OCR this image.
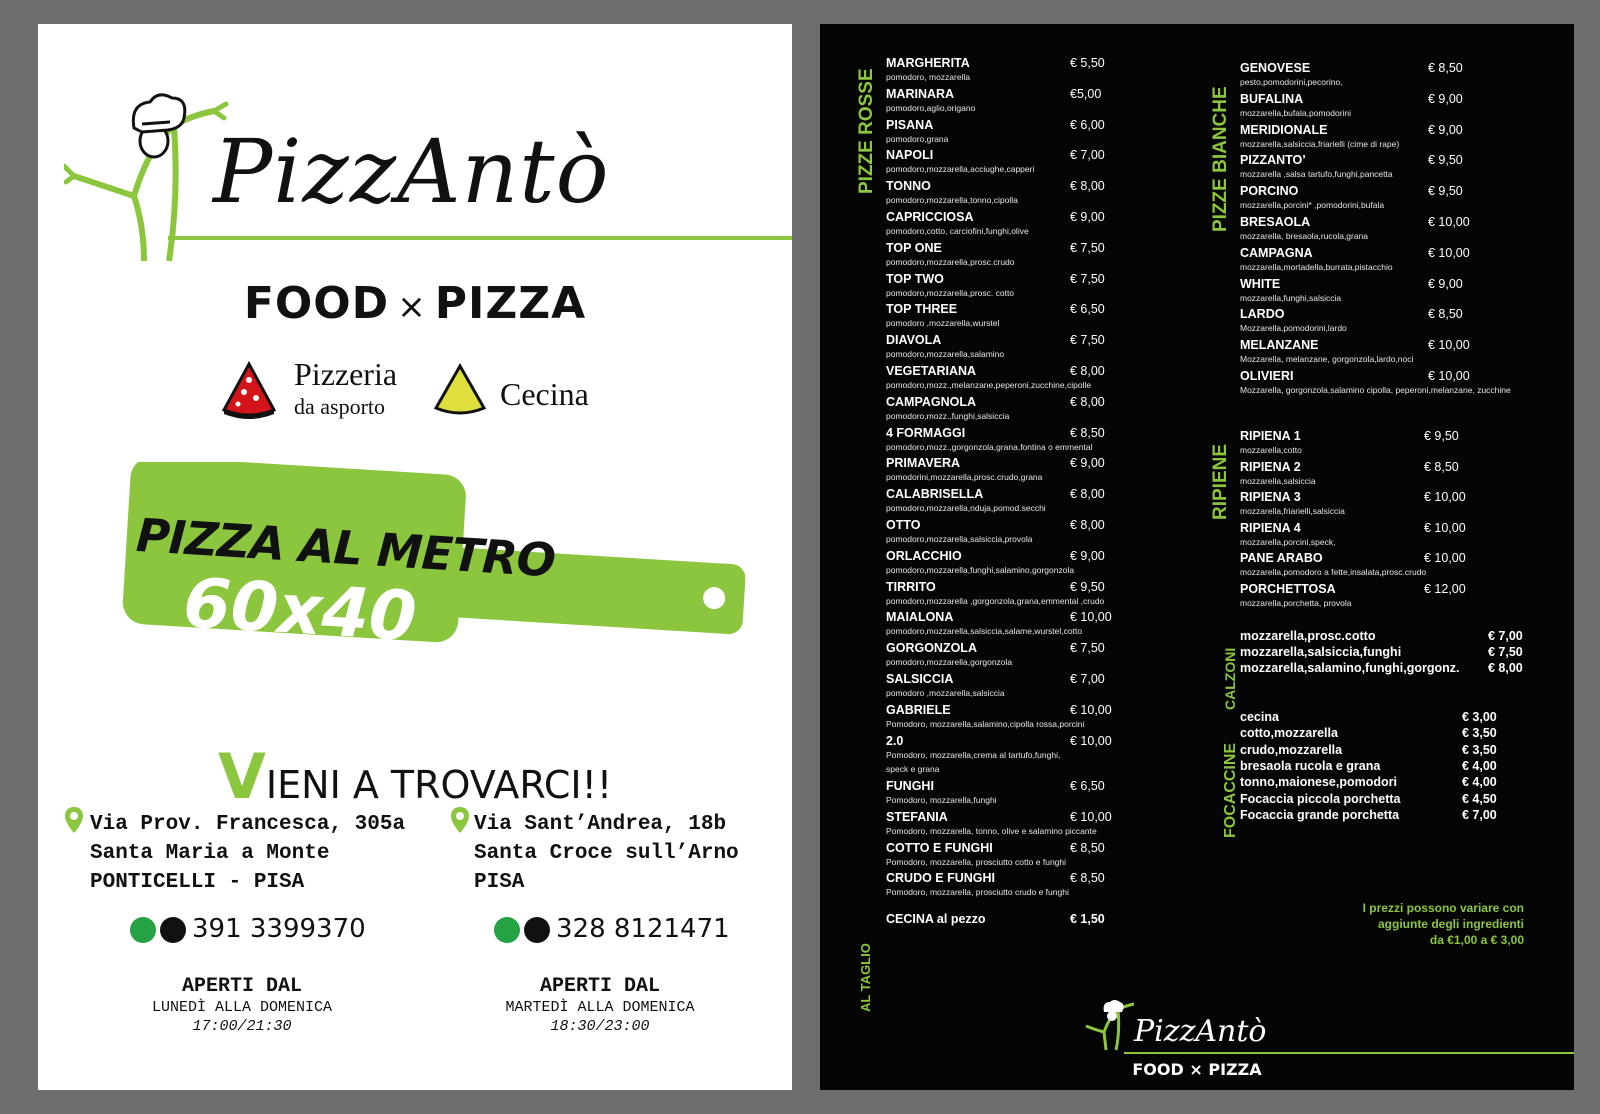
PizzAntò
FOOD × PIZZA
Pizzeria
da asporto	Cecina
PIZZA AL METRO
60x40
VIENI A TROVARCI!!
Via Prov. Francesca, 305a
Santa Maria a Monte
PONTICELLI - PISA
391 3399370
APERTI DAL
LUNEDÌ ALLA DOMENICA
17:00/21:30
Via Sant’Andrea, 18b
Santa Croce sull’Arno
PISA
328 8121471
APERTI DAL
MARTEDÌ ALLA DOMENICA
18:30/23:00
PIZZE ROSSE	PIZZE BIANCHE
RIPIENE
CALZONI
FOCACCINE
AL TAGLIO
CECINA al pezzo	€ 1,50
I prezzi possono variare con
aggiunte degli ingredienti
da €1,00 a € 3,00
PizzAntò
FOOD × PIZZA
MARGHERITA	€ 5,50
pomodoro, mozzarella
MARINARA	€5,00
pomodoro,aglio,origano
PISANA	€ 6,00
pomodoro,grana
NAPOLI	€ 7,00
pomodoro,mozzarella,acciughe,capperi
TONNO	€ 8,00
pomodoro,mozzarella,tonno,cipolla
CAPRICCIOSA	€ 9,00
pomodoro,cotto, carciofini,funghi,olive
TOP ONE	€ 7,50
pomodoro,mozzarella,prosc.crudo
TOP TWO	€ 7,50
pomodoro,mozzarella,prosc. cotto
TOP THREE	€ 6,50
pomodoro ,mozzarella,wurstel
DIAVOLA	€ 7,50
pomodoro,mozzarella,salamino
VEGETARIANA	€ 8,00
pomodoro,mozz.,melanzane,peperoni,zucchine,cipolle
CAMPAGNOLA	€ 8,00
pomodoro,mozz.,funghi,salsiccia
4 FORMAGGI	€ 8,50
pomodoro,mozz.,gorgonzola,grana,fontina o emmental
PRIMAVERA	€ 9,00
pomodorini,mozzarella,prosc.crudo,grana
CALABRISELLA	€ 8,00
pomodoro,mozzarella,nduja,pomod.secchi
OTTO	€ 8,00
pomodoro,mozzarella,salsiccia,provola
ORLACCHIO	€ 9,00
pomodoro,mozzarella,funghi,salamino,gorgonzola
TIRRITO	€ 9,50
pomodoro,mozzarella ,gorgonzola,grana,emmental ,crudo
MAIALONA	€ 10,00
pomodoro,mozzarella,salsiccia,salame,wurstel,cotto
GORGONZOLA	€ 7,50
pomodoro,mozzarella,gorgonzola
SALSICCIA	€ 7,00
pomodoro ,mozzarella,salsiccia
GABRIELE	€ 10,00
Pomodoro, mozzarella,salamino,cipolla rossa,porcini
2.0	€ 10,00
Pomodoro, mozzarella,crema al tartufo,funghi,
speck e grana
FUNGHI	€ 6,50
Pomodoro, mozzarella,funghi
STEFANIA	€ 10,00
Pomodoro, mozzarella, tonno, olive e salamino piccante
COTTO E FUNGHI	€ 8,50
Pomodoro, mozzarella, prosciutto cotto e funghi
CRUDO E FUNGHI	€ 8,50
Pomodoro, mozzarella, prosciutto crudo e funghi
GENOVESE	€ 8,50
pesto,pomodorini,pecorino,
BUFALINA	€ 9,00
mozzarella,bufala,pomodorini
MERIDIONALE	€ 9,00
mozzarella,salsiccia,friarielli (cime di rape)
PIZZANTO’	€ 9,50
mozzarella ,salsa tartufo,funghi,pancetta
PORCINO	€ 9,50
mozzarella,porcini* ,pomodorini,bufala
BRESAOLA	€ 10,00
mozzarella, bresaola,rucola,grana
CAMPAGNA	€ 10,00
mozzarella,mortadella,burrata,pistacchio
WHITE	€ 9,00
mozzarella,funghi,salsiccia
LARDO	€ 8,50
Mozzarella,pomodorini,lardo
MELANZANE	€ 10,00
Mozzarella, melanzane, gorgonzola,lardo,noci
OLIVIERI	€ 10,00
Mozzarella, gorgonzola,salamino cipolla, peperoni,melanzane, zucchine
RIPIENA 1	€ 9,50
mozzarella,cotto
RIPIENA 2	€ 8,50
mozzarella,salsiccia
RIPIENA 3	€ 10,00
mozzarella,friarielli,salsiccia
RIPIENA 4	€ 10,00
mozzarella,porcini,speck,
PANE ARABO	€ 10,00
mozzarella,pomodoro a fette,insalata,prosc.crudo
PORCHETTOSA	€ 12,00
mozzarella,porchetta, provola
mozzarella,prosc.cotto	€ 7,00
mozzarella,salsiccia,funghi	€ 7,50
mozzarella,salamino,funghi,gorgonz. € 8,00
cecina	€ 3,00
cotto,mozzarella	€ 3,50
crudo,mozzarella	€ 3,50
bresaola rucola e grana	€ 4,00
tonno,maionese,pomodori	€ 4,00
Focaccia piccola porchetta	€ 4,50
Focaccia grande porchetta	€ 7,00
